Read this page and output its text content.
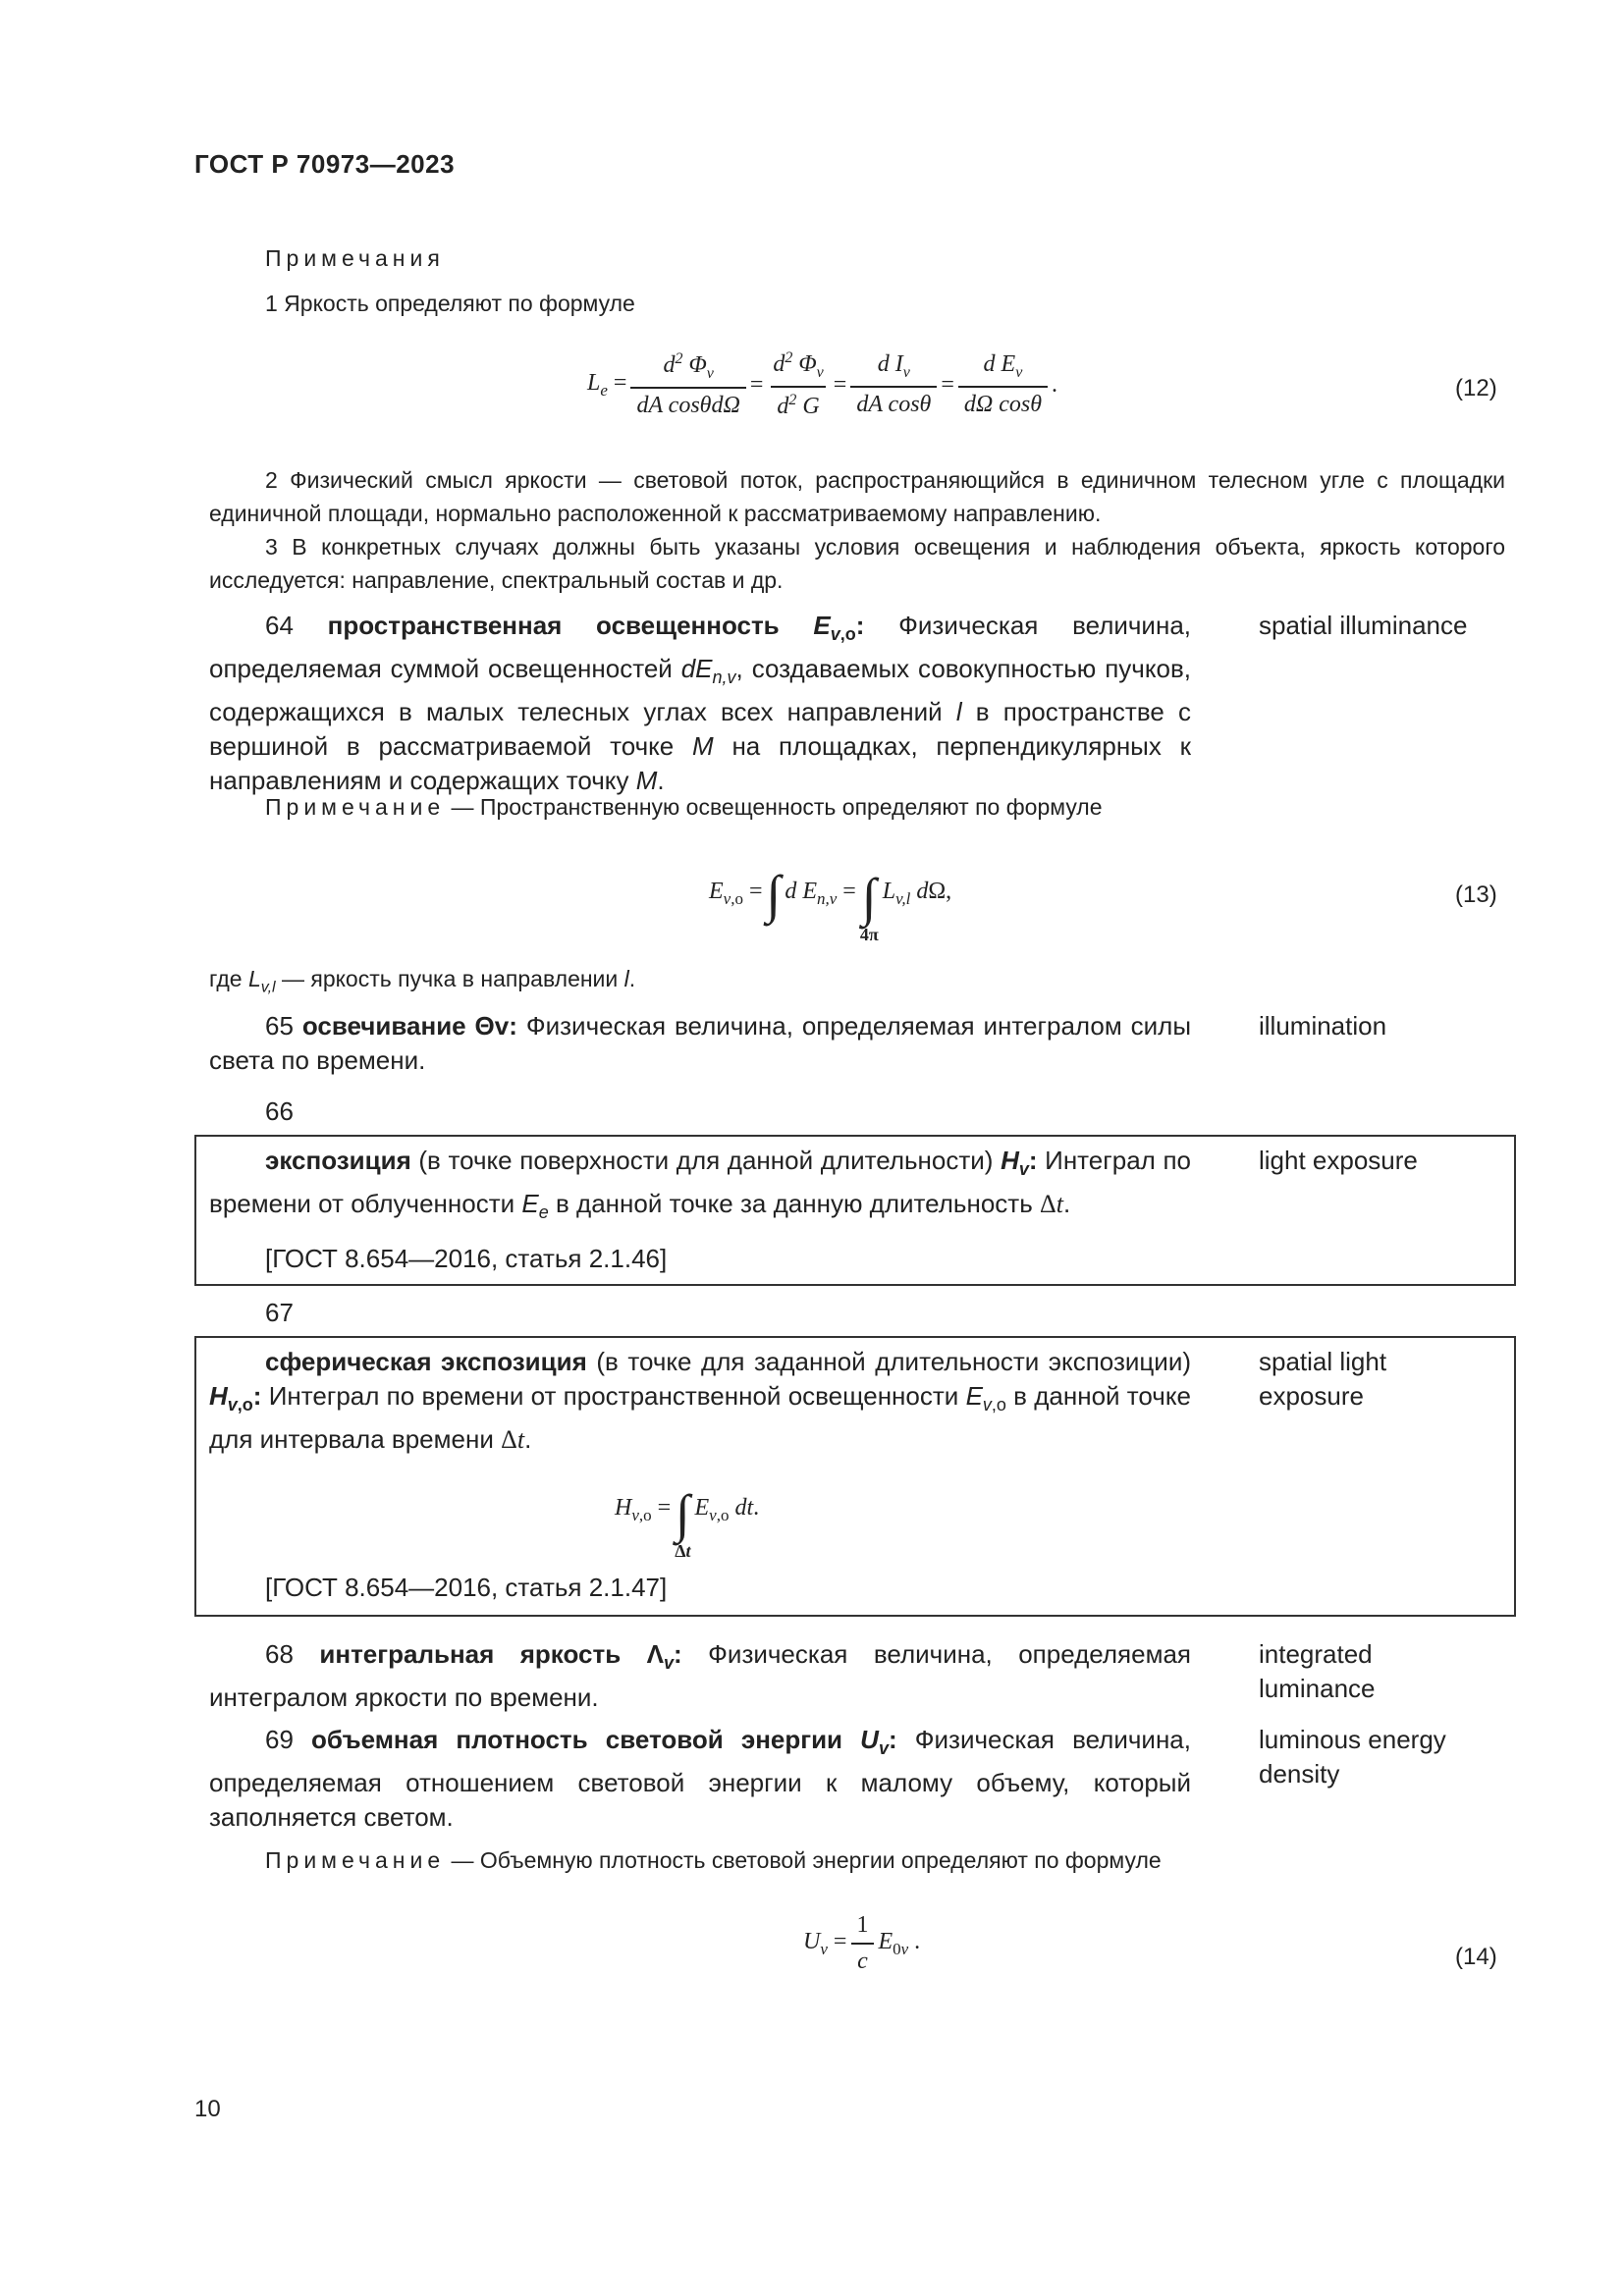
ГОСТ Р 70973—2023
Примечания
1 Яркость определяют по формуле
$L_e = \frac{d^2 \Phi_v}{\text{dA cosθdΩ}} = \frac{d^2 \Phi_v}{d^2 G} = \frac{d I_v}{\text{dA cosθ}} = \frac{d E_v}{\text{dΩ cosθ}}$ .	(12)
2 Физический смысл яркости — световой поток, распространяющийся в единичном телесном угле с площадки единичной площади, нормально расположенной к рассматриваемому направлению.
3 В конкретных случаях должны быть указаны условия освещения и наблюдения объекта, яркость которого исследуется: направление, спектральный состав и др.
64 пространственная освещенность $E_{v,o}$: Физическая величина, определяемая суммой освещенностей $dE_{n,v}$, создаваемых совокупностью пучков, содержащихся в малых телесных углах всех направлений l в пространстве с вершиной в рассматриваемой точке M на площадках, перпендикулярных к направлениям и содержащих точку M.
spatial illuminance
Примечание — Пространственную освещенность определяют по формуле
$E_{v,o}$ = ∫ d $E_{n,v}$ = ∫
4π
$L_{v,l}$ dΩ,	(13)
где $L_{v,l}$ — яркость пучка в направлении l.
65 освечивание Θv: Физическая величина, определяемая интегралом силы света по времени.
illumination
66
экспозиция (в точке поверхности для данной длительности) $H_v$: Интеграл по времени от облученности $E_e$ в данной точке за данную длительность Δt.
light exposure
[ГОСТ 8.654—2016, статья 2.1.46]
67
сферическая экспозиция (в точке для заданной длительности экспозиции) $H_{v,o}$: Интеграл по времени от пространственной освещенности $E_{v,o}$ в данной точке для интервала времени Δt.
spatial light
exposure
$H_{v,o}$ = ∫
Δt
$E_{v,o}$ dt.
[ГОСТ 8.654—2016, статья 2.1.47]
68 интегральная яркость $\Lambda_v$: Физическая величина, определяемая интегралом яркости по времени.
integrated
luminance
69 объемная плотность световой энергии $U_v$: Физическая величина, определяемая отношением световой энергии к малому объему, который заполняется светом.
luminous energy
density
Примечание — Объемную плотность световой энергии определяют по формуле
$U_v = \frac{1}{c} E_{0v}$ .
(14)
10
